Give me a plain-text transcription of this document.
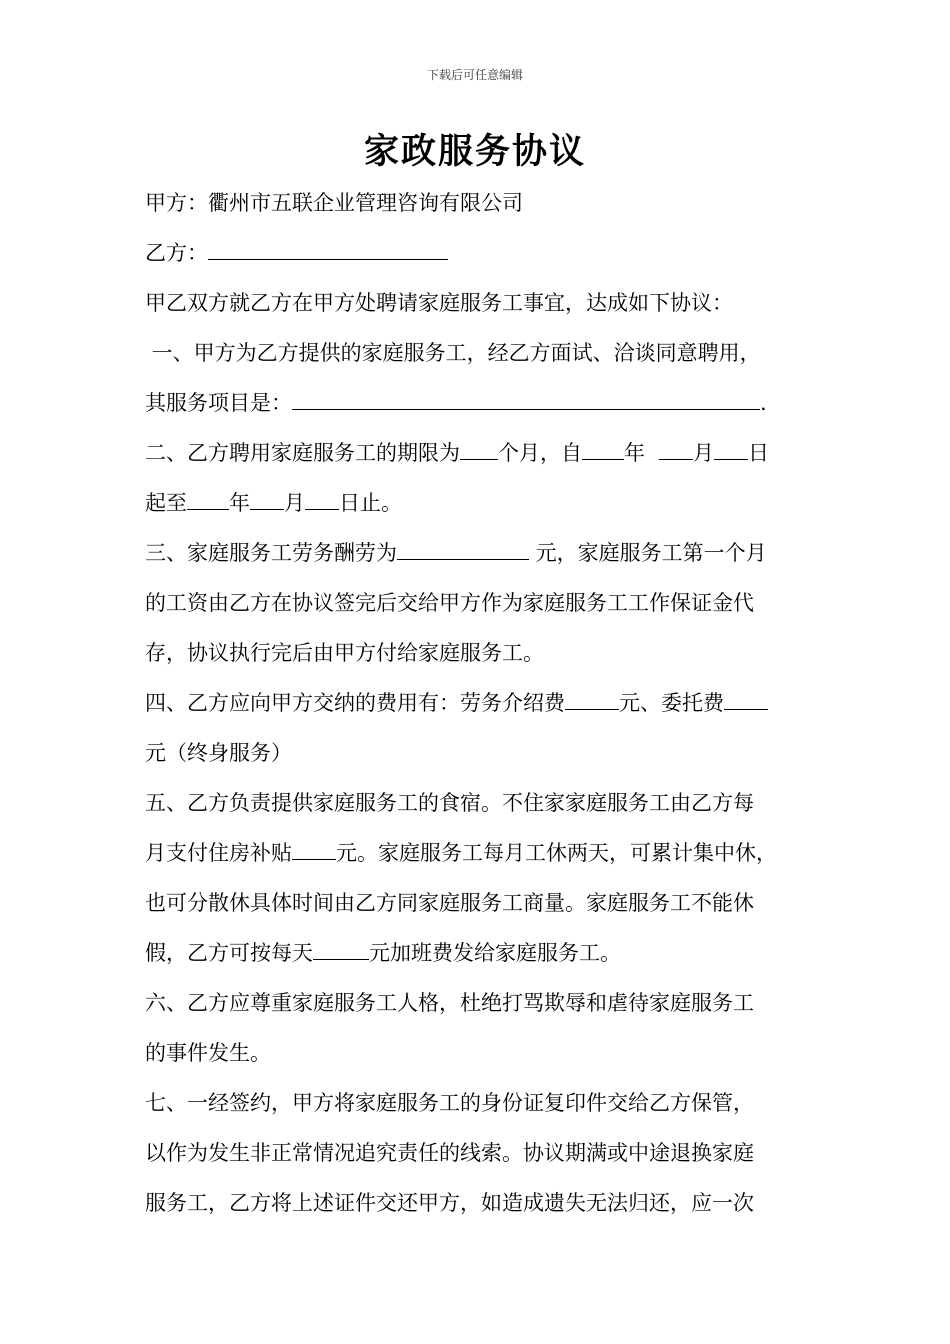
下载后可任意编辑
家政服务协议
甲方：衢州市五联企业管理咨询有限公司
乙方：
甲乙双方就乙方在甲方处聘请家庭服务工事宜，达成如下协议：
一、甲方为乙方提供的家庭服务工，经乙方面试、洽谈同意聘用，
其服务项目是：	.
二、乙方聘用家庭服务工的期限为 个月，自 年 月 日
起至 年 月 日止。
三、家庭服务工劳务酬劳为	元，家庭服务工第一个月
的工资由乙方在协议签完后交给甲方作为家庭服务工工作保证金代
存，协议执行完后由甲方付给家庭服务工。
四、乙方应向甲方交纳的费用有：劳务介绍费	元、委托费
元（终身服务）
五、乙方负责提供家庭服务工的食宿。不住家家庭服务工由乙方每
月支付住房补贴 元。家庭服务工每月工休两天，可累计集中休，
也可分散休具体时间由乙方同家庭服务工商量。家庭服务工不能休
假，乙方可按每天	元加班费发给家庭服务工。
六、乙方应尊重家庭服务工人格，杜绝打骂欺辱和虐待家庭服务工
的事件发生。
七、一经签约，甲方将家庭服务工的身份证复印件交给乙方保管，
以作为发生非正常情况追究责任的线索。协议期满或中途退换家庭
服务工，乙方将上述证件交还甲方，如造成遗失无法归还，应一次
